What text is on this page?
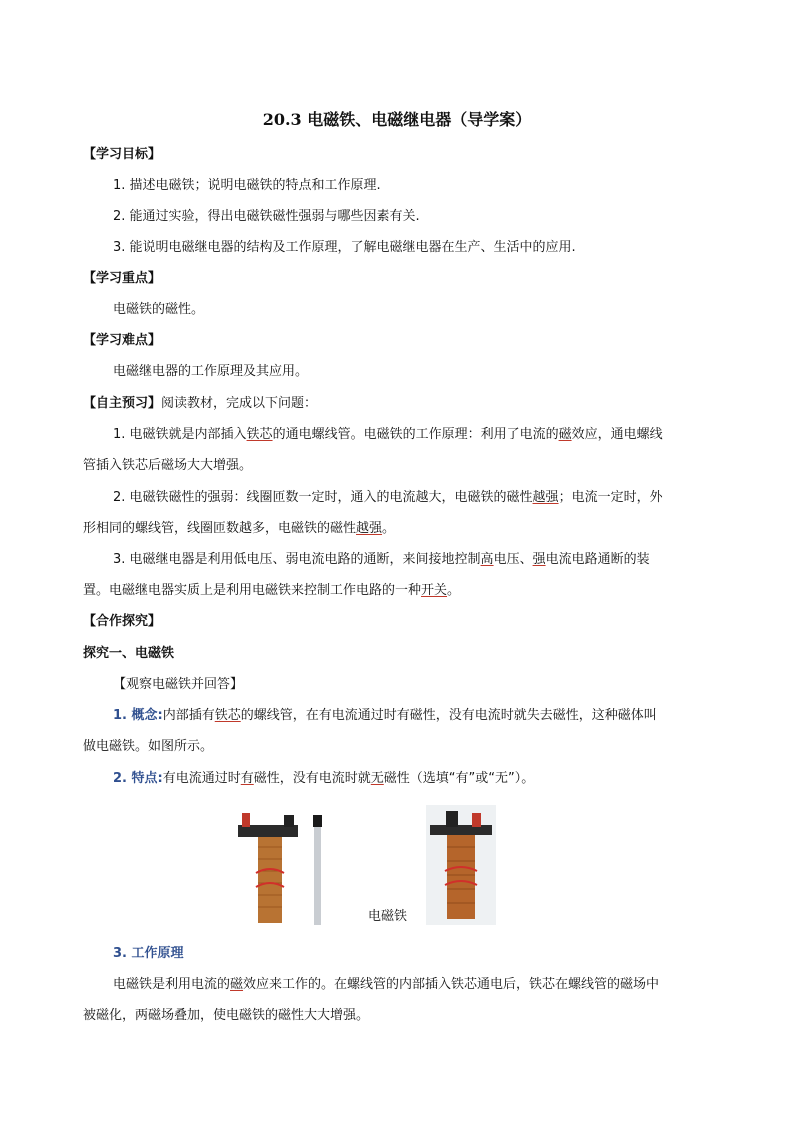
20.3 电磁铁、电磁继电器（导学案）
【学习目标】
1. 描述电磁铁；说明电磁铁的特点和工作原理.
2. 能通过实验，得出电磁铁磁性强弱与哪些因素有关.
3. 能说明电磁继电器的结构及工作原理，了解电磁继电器在生产、生活中的应用.
【学习重点】
电磁铁的磁性。
【学习难点】
电磁继电器的工作原理及其应用。
【自主预习】阅读教材，完成以下问题：
1. 电磁铁就是内部插入铁芯的通电螺线管。电磁铁的工作原理：利用了电流的磁效应，通电螺线
管插入铁芯后磁场大大增强。
2. 电磁铁磁性的强弱：线圈匝数一定时，通入的电流越大，电磁铁的磁性越强；电流一定时，外
形相同的螺线管，线圈匝数越多，电磁铁的磁性越强。
3. 电磁继电器是利用低电压、弱电流电路的通断，来间接地控制高电压、强电流电路通断的装
置。电磁继电器实质上是利用电磁铁来控制工作电路的一种开关。
【合作探究】
探究一、电磁铁
【观察电磁铁并回答】
1. 概念:内部插有铁芯的螺线管，在有电流通过时有磁性，没有电流时就失去磁性，这种磁体叫
做电磁铁。如图所示。
2. 特点:有电流通过时有磁性，没有电流时就无磁性（选填“有”或“无”）。
电磁铁
3. 工作原理
电磁铁是利用电流的磁效应来工作的。在螺线管的内部插入铁芯通电后，铁芯在螺线管的磁场中
被磁化，两磁场叠加，使电磁铁的磁性大大增强。
